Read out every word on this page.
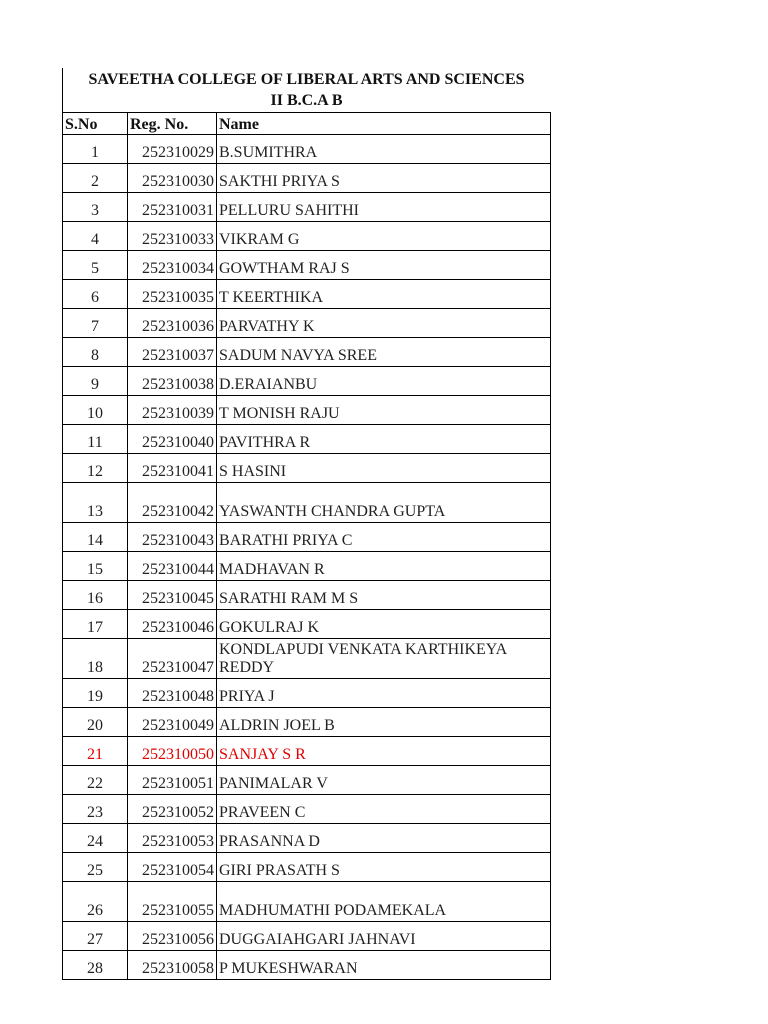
SAVEETHA COLLEGE OF LIBERAL ARTS AND SCIENCES
II B.C.A B
S.No	Reg. No.	Name
1	252310029	B.SUMITHRA
2	252310030	SAKTHI PRIYA S
3	252310031	PELLURU SAHITHI
4	252310033	VIKRAM G
5	252310034	GOWTHAM RAJ S
6	252310035	T KEERTHIKA
7	252310036	PARVATHY K
8	252310037	SADUM NAVYA SREE
9	252310038	D.ERAIANBU
10	252310039	T MONISH RAJU
11	252310040	PAVITHRA R
12	252310041	S HASINI
13	252310042	YASWANTH CHANDRA GUPTA
14	252310043	BARATHI PRIYA C
15	252310044	MADHAVAN R
16	252310045	SARATHI RAM M S
17	252310046	GOKULRAJ K
18	252310047	KONDLAPUDI VENKATA KARTHIKEYA REDDY
19	252310048	PRIYA J
20	252310049	ALDRIN JOEL B
21	252310050	SANJAY S R
22	252310051	PANIMALAR V
23	252310052	PRAVEEN C
24	252310053	PRASANNA D
25	252310054	GIRI PRASATH S
26	252310055	MADHUMATHI PODAMEKALA
27	252310056	DUGGAIAHGARI JAHNAVI
28	252310058	P MUKESHWARAN
